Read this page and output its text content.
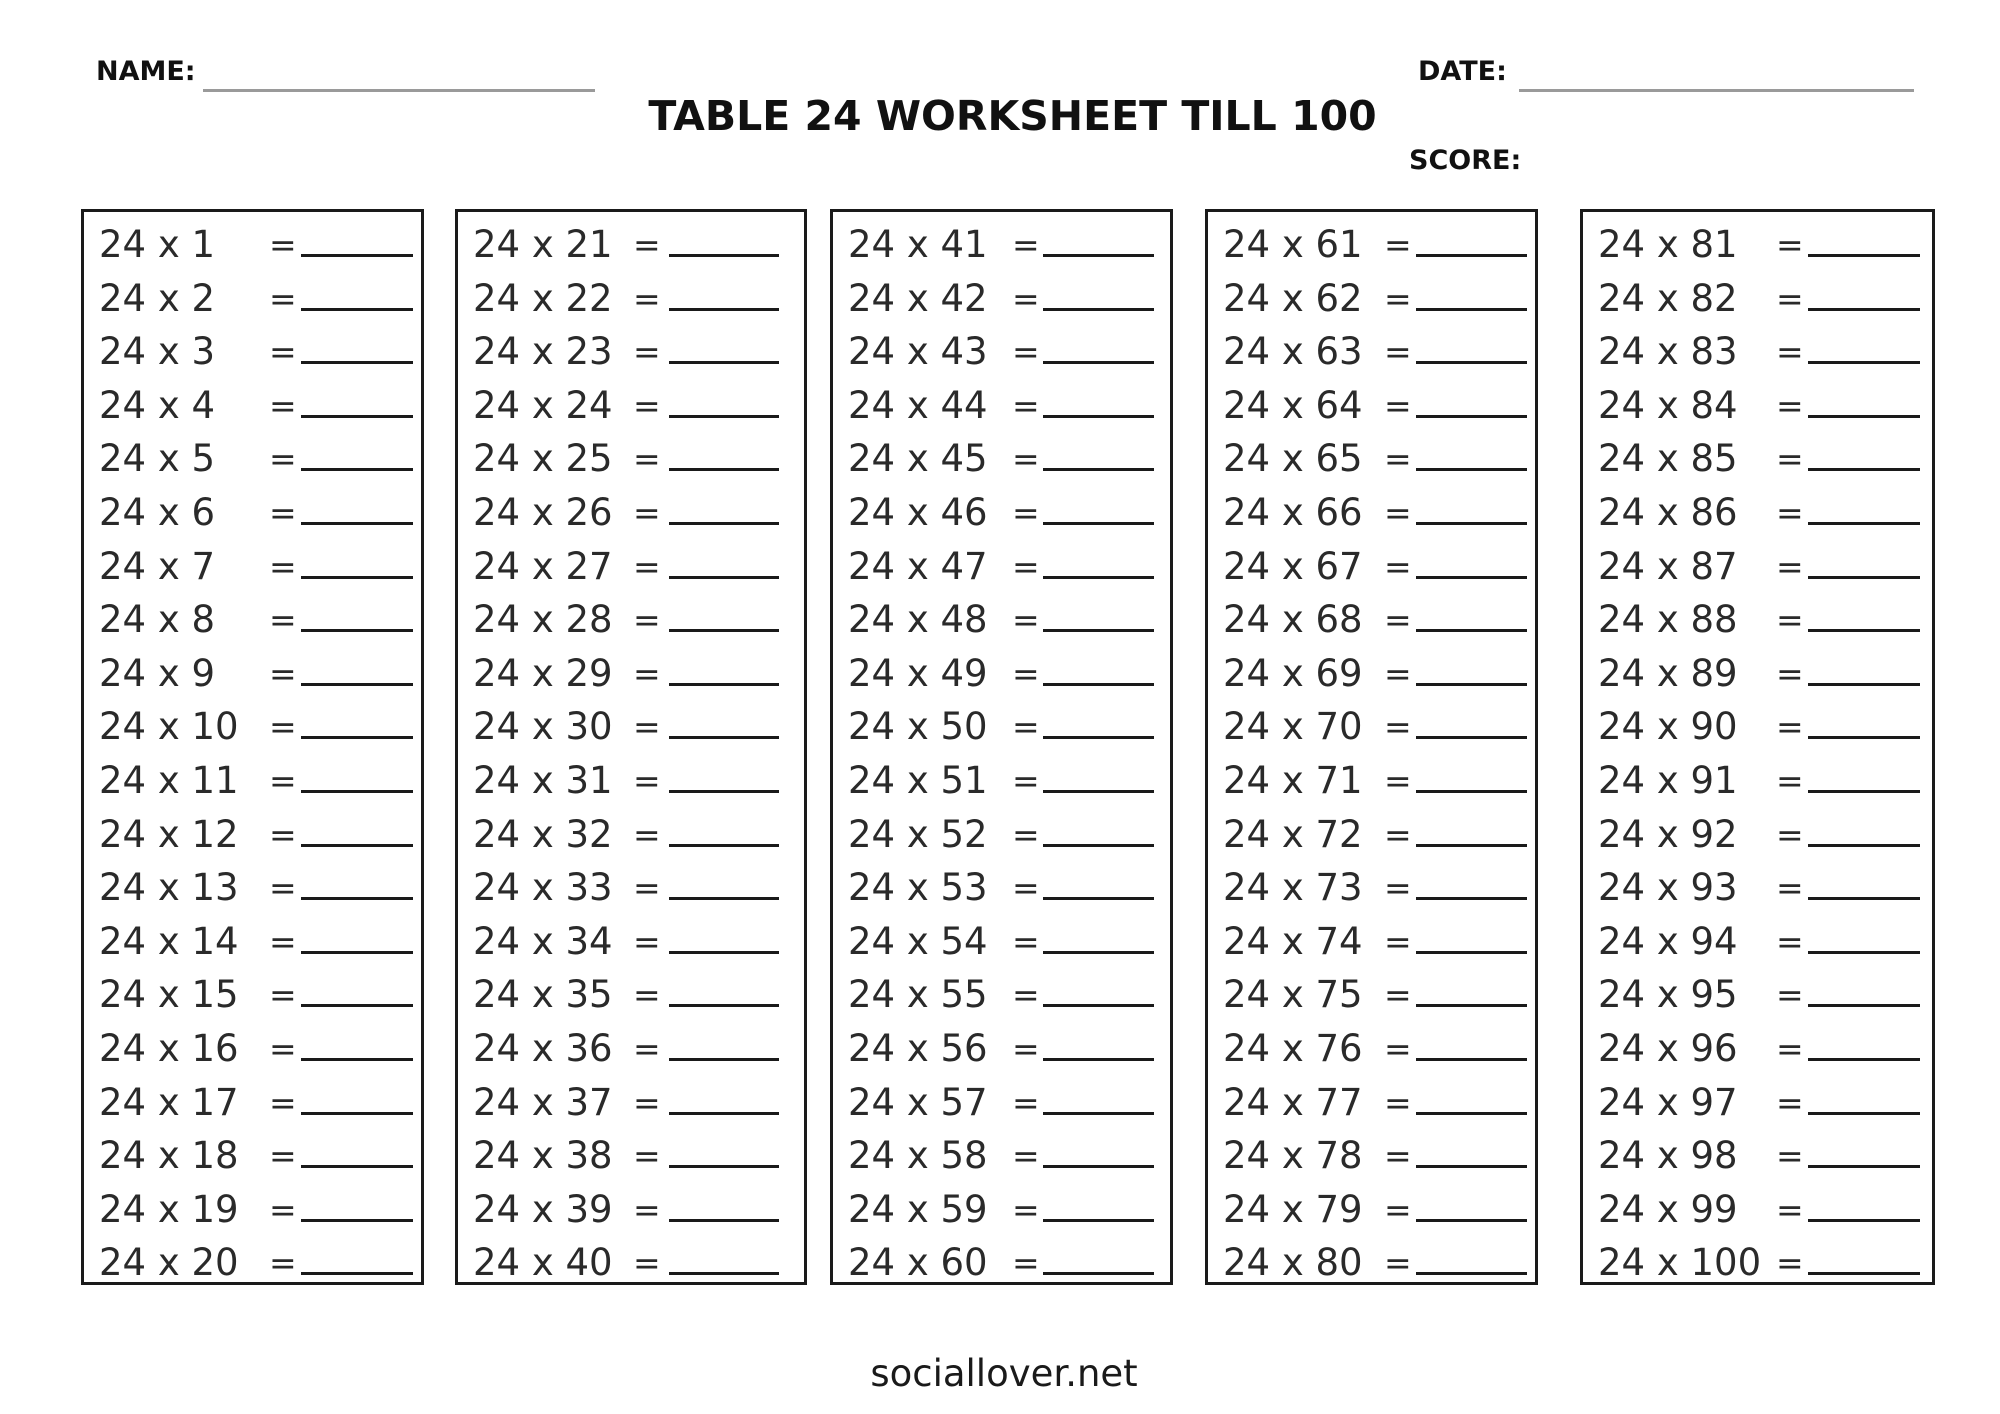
NAME:
TABLE 24 WORKSHEET TILL 100
DATE:
SCORE:
24 x 1 =
24 x 2 =
24 x 3 =
24 x 4 =
24 x 5 =
24 x 6 =
24 x 7 =
24 x 8 =
24 x 9 =
24 x 10 =
24 x 11 =
24 x 12 =
24 x 13 =
24 x 14 =
24 x 15 =
24 x 16 =
24 x 17 =
24 x 18 =
24 x 19 =
24 x 20 =
24 x 21 =
24 x 22 =
24 x 23 =
24 x 24 =
24 x 25 =
24 x 26 =
24 x 27 =
24 x 28 =
24 x 29 =
24 x 30 =
24 x 31 =
24 x 32 =
24 x 33 =
24 x 34 =
24 x 35 =
24 x 36 =
24 x 37 =
24 x 38 =
24 x 39 =
24 x 40 =
24 x 41 =
24 x 42 =
24 x 43 =
24 x 44 =
24 x 45 =
24 x 46 =
24 x 47 =
24 x 48 =
24 x 49 =
24 x 50 =
24 x 51 =
24 x 52 =
24 x 53 =
24 x 54 =
24 x 55 =
24 x 56 =
24 x 57 =
24 x 58 =
24 x 59 =
24 x 60 =
24 x 61 =
24 x 62 =
24 x 63 =
24 x 64 =
24 x 65 =
24 x 66 =
24 x 67 =
24 x 68 =
24 x 69 =
24 x 70 =
24 x 71 =
24 x 72 =
24 x 73 =
24 x 74 =
24 x 75 =
24 x 76 =
24 x 77 =
24 x 78 =
24 x 79 =
24 x 80 =
24 x 81 =
24 x 82 =
24 x 83 =
24 x 84 =
24 x 85 =
24 x 86 =
24 x 87 =
24 x 88 =
24 x 89 =
24 x 90 =
24 x 91 =
24 x 92 =
24 x 93 =
24 x 94 =
24 x 95 =
24 x 96 =
24 x 97 =
24 x 98 =
24 x 99 =
24 x 100 =
sociallover.net
